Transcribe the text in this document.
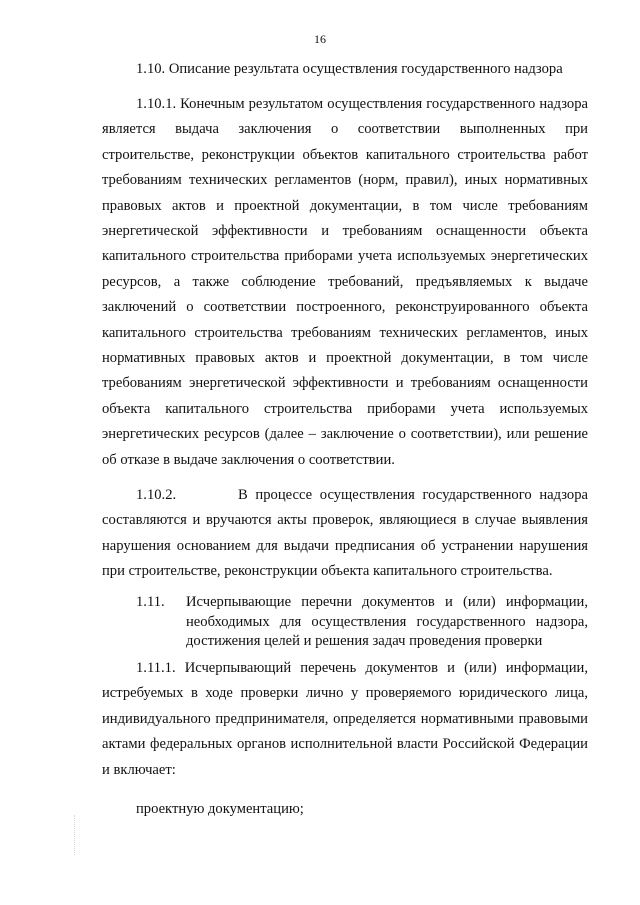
16
1.10. Описание результата осуществления государственного надзора
1.10.1. Конечным результатом осуществления государственного надзора является выдача заключения о соответствии выполненных при строительстве, реконструкции объектов капитального строительства работ требованиям технических регламентов (норм, правил), иных нормативных правовых актов и проектной документации, в том числе требованиям энергетической эффективности и требованиям оснащенности объекта капитального строительства приборами учета используемых энергетических ресурсов, а также соблюдение требований, предъявляемых к выдаче заключений о соответствии построенного, реконструированного объекта капитального строительства требованиям технических регламентов, иных нормативных правовых актов и проектной документации, в том числе требованиям энергетической эффективности и требованиям оснащенности объекта капитального строительства приборами учета используемых энергетических ресурсов (далее – заключение о соответствии), или решение об отказе в выдаче заключения о соответствии.
1.10.2.        В процессе осуществления государственного надзора составляются и вручаются акты проверок, являющиеся в случае выявления нарушения основанием для выдачи предписания об устранении нарушения при строительстве, реконструкции объекта капитального строительства.
1.11. Исчерпывающие перечни документов и (или) информации, необходимых для осуществления государственного надзора, достижения целей и решения задач проведения проверки
1.11.1. Исчерпывающий перечень документов и (или) информации, истребуемых в ходе проверки лично у проверяемого юридического лица, индивидуального предпринимателя, определяется нормативными правовыми актами федеральных органов исполнительной власти Российской Федерации и включает:
проектную документацию;
